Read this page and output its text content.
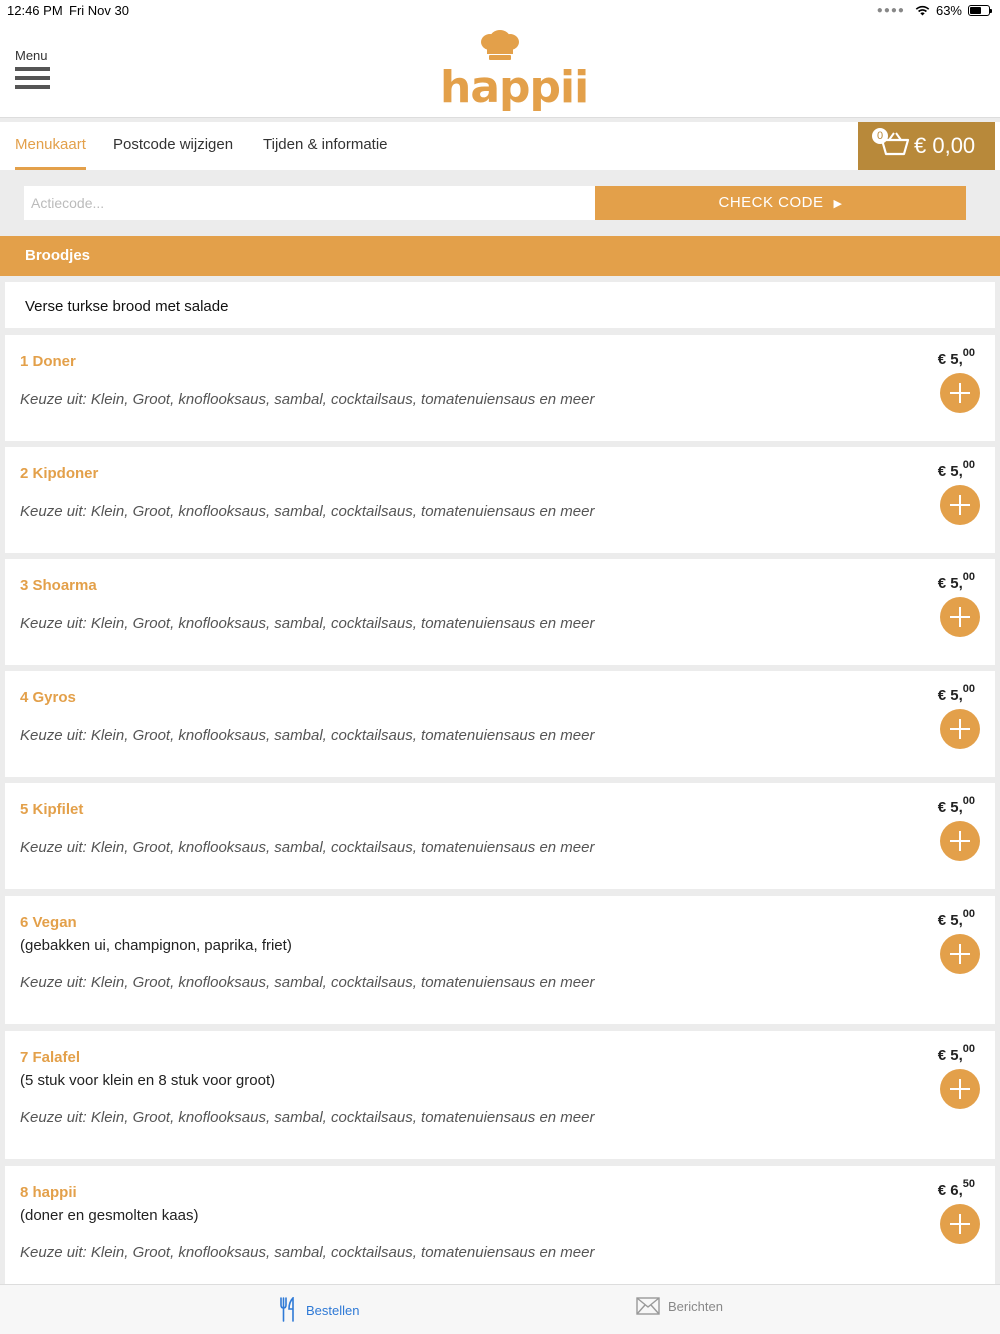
12:46 PM Fri Nov 30	●●●● 63%
Menu
happii
Menukaart Postcode wijzigen Tijden & informatie	0 € 0,00
Actiecode...
CHECK CODE ▶
Broodjes
Verse turkse brood met salade
1 Doner
Keuze uit: Klein, Groot, knoflooksaus, sambal, cocktailsaus, tomatenuiensaus en meer
€ 5,00
2 Kipdoner
Keuze uit: Klein, Groot, knoflooksaus, sambal, cocktailsaus, tomatenuiensaus en meer
€ 5,00
3 Shoarma
Keuze uit: Klein, Groot, knoflooksaus, sambal, cocktailsaus, tomatenuiensaus en meer
€ 5,00
4 Gyros
Keuze uit: Klein, Groot, knoflooksaus, sambal, cocktailsaus, tomatenuiensaus en meer
€ 5,00
5 Kipfilet
Keuze uit: Klein, Groot, knoflooksaus, sambal, cocktailsaus, tomatenuiensaus en meer
€ 5,00
6 Vegan
(gebakken ui, champignon, paprika, friet)
Keuze uit: Klein, Groot, knoflooksaus, sambal, cocktailsaus, tomatenuiensaus en meer
€ 5,00
7 Falafel
(5 stuk voor klein en 8 stuk voor groot)
Keuze uit: Klein, Groot, knoflooksaus, sambal, cocktailsaus, tomatenuiensaus en meer
€ 5,00
8 happii
(doner en gesmolten kaas)
Keuze uit: Klein, Groot, knoflooksaus, sambal, cocktailsaus, tomatenuiensaus en meer
€ 6,50
Bestellen	Berichten
